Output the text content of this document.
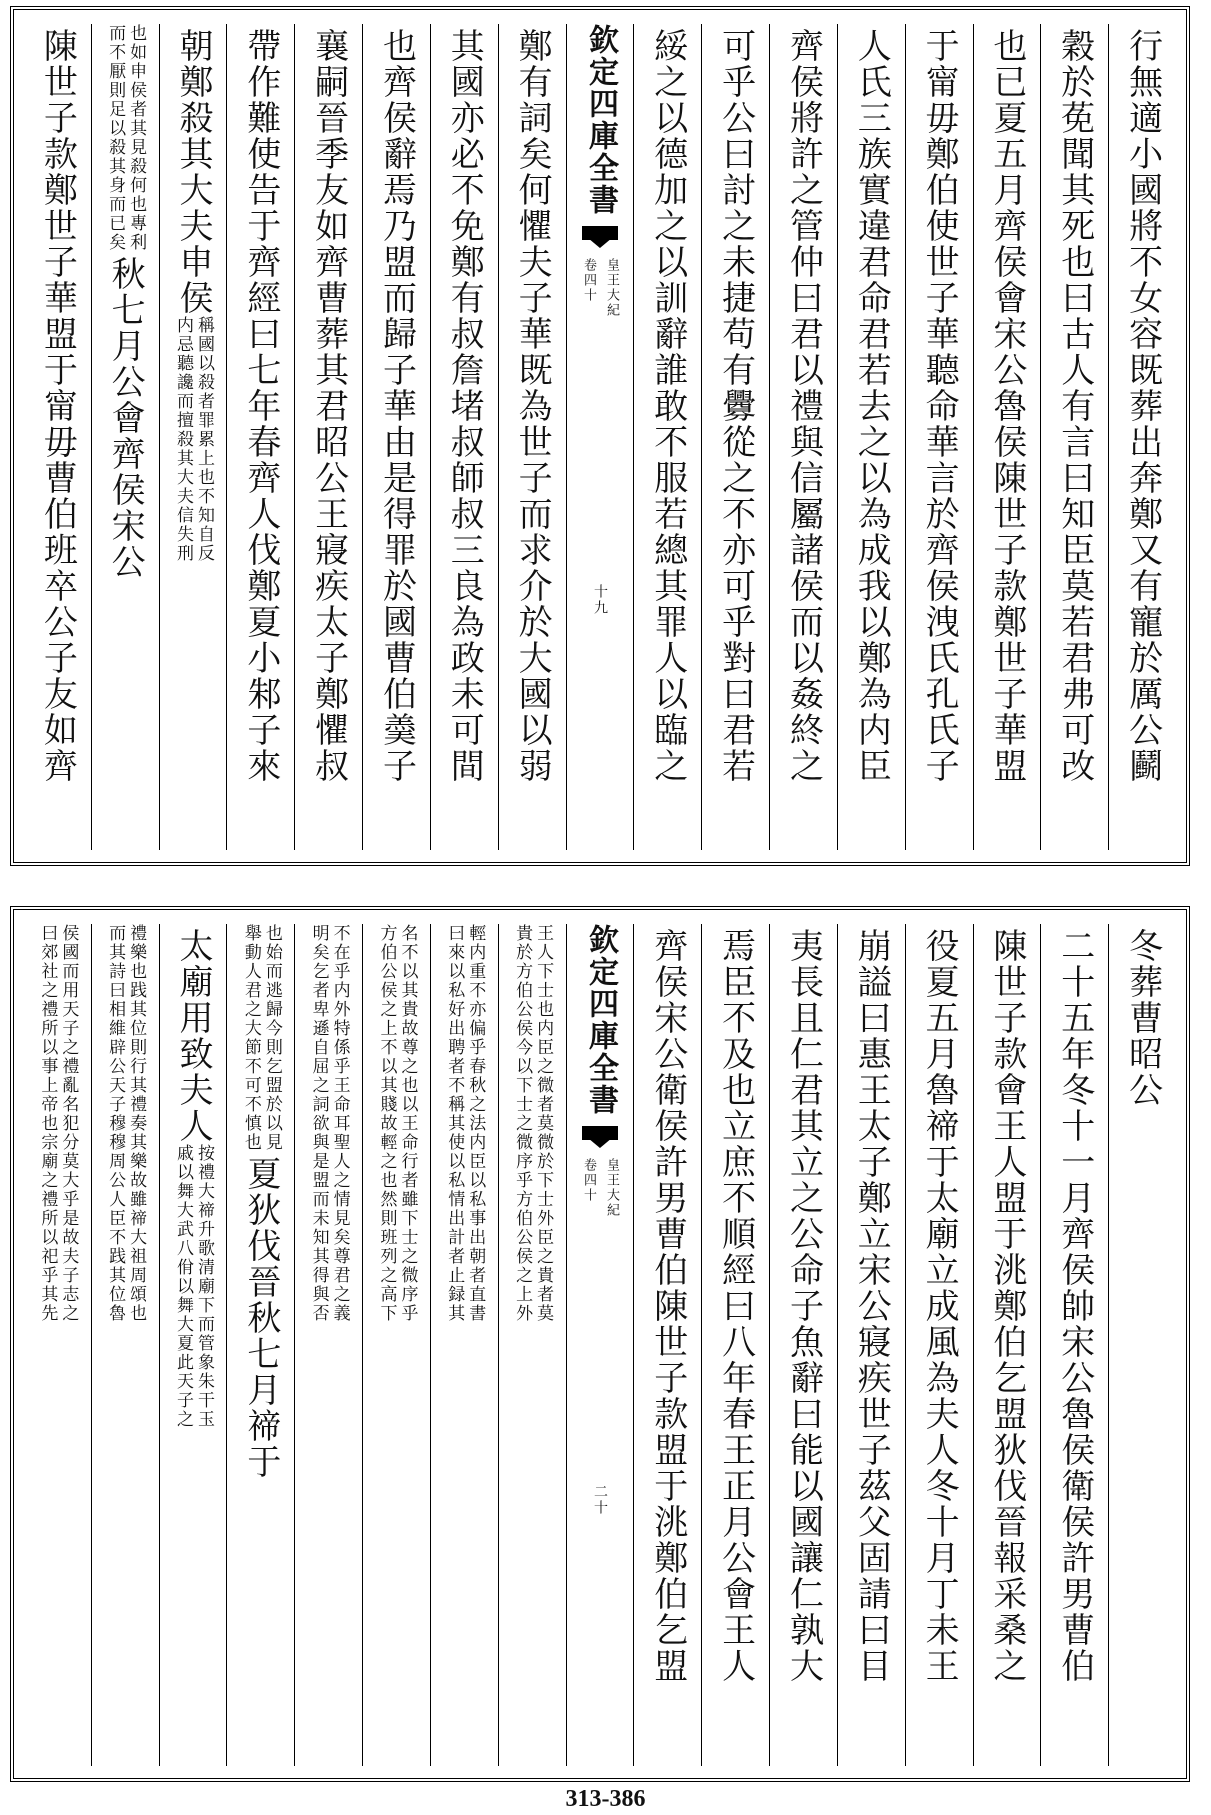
行無適小國將不女容既葬出奔鄭又有寵於厲公鬬
穀於莬聞其死也曰古人有言曰知臣莫若君弗可改
也已夏五月齊侯會宋公魯侯陳世子款鄭世子華盟
于甯毋鄭伯使世子華聽命華言於齊侯洩氏孔氏子
人氏三族實違君命君若去之以為成我以鄭為内臣
齊侯將許之管仲曰君以禮與信屬諸侯而以姦終之
可乎公曰討之未捷苟有釁從之不亦可乎對曰君若
綏之以德加之以訓辭誰敢不服若總其罪人以臨之
欽定四庫全書
皇王大紀
卷四十
十九
鄭有詞矣何懼夫子華既為世子而求介於大國以弱
其國亦必不免鄭有叔詹堵叔師叔三良為政未可間
也齊侯辭焉乃盟而歸子華由是得罪於國曹伯羮子
襄嗣晉季友如齊曹葬其君昭公王寢疾太子鄭懼叔
帶作難使告于齊經曰七年春齊人伐鄭夏小邾子來
朝鄭殺其大夫申侯
稱國以殺者罪累上也不知自反
内忌聽讒而擅殺其大夫信失刑
也如申侯者其見殺何也專利
而不厭則足以殺其身而已矣
秋七月公會齊侯宋公
陳世子款鄭世子華盟于甯毋曹伯班卒公子友如齊
冬葬曹昭公
二十五年冬十一月齊侯帥宋公魯侯衛侯許男曹伯
陳世子款會王人盟于洮鄭伯乞盟狄伐晉報采桑之
役夏五月魯禘于太廟立成風為夫人冬十月丁未王
崩謚曰惠王太子鄭立宋公寢疾世子茲父固請曰目
夷長且仁君其立之公命子魚辭曰能以國讓仁孰大
焉臣不及也立庶不順經曰八年春王正月公會王人
齊侯宋公衛侯許男曹伯陳世子款盟于洮鄭伯乞盟
欽定四庫全書
皇王大紀
卷四十
二十
王人下士也内臣之微者莫微於下士外臣之貴者莫
貴於方伯公侯今以下士之微序乎方伯公侯之上外
輕内重不亦偏乎春秋之法内臣以私事出朝者直書
曰來以私好出聘者不稱其使以私情出計者止録其
名不以其貴故尊之也以王命行者雖下士之微序乎
方伯公侯之上不以其賤故輕之也然則班列之高下
不在乎内外特係乎王命耳聖人之情見矣尊君之義
明矣乞者卑遜自屈之詞欲與是盟而未知其得與否
也始而逃歸今則乞盟於以見
舉動人君之大節不可不慎也
夏狄伐晉秋七月禘于
太廟用致夫人
按禮大禘升歌清廟下而管象朱干玉
戚以舞大武八佾以舞大夏此天子之
禮樂也践其位則行其禮奏其樂故雖禘大祖周頌也
而其詩曰相維辟公天子穆穆周公人臣不践其位魯
侯國而用天子之禮亂名犯分莫大乎是故夫子志之
曰郊社之禮所以事上帝也宗廟之禮所以祀乎其先
313-386
